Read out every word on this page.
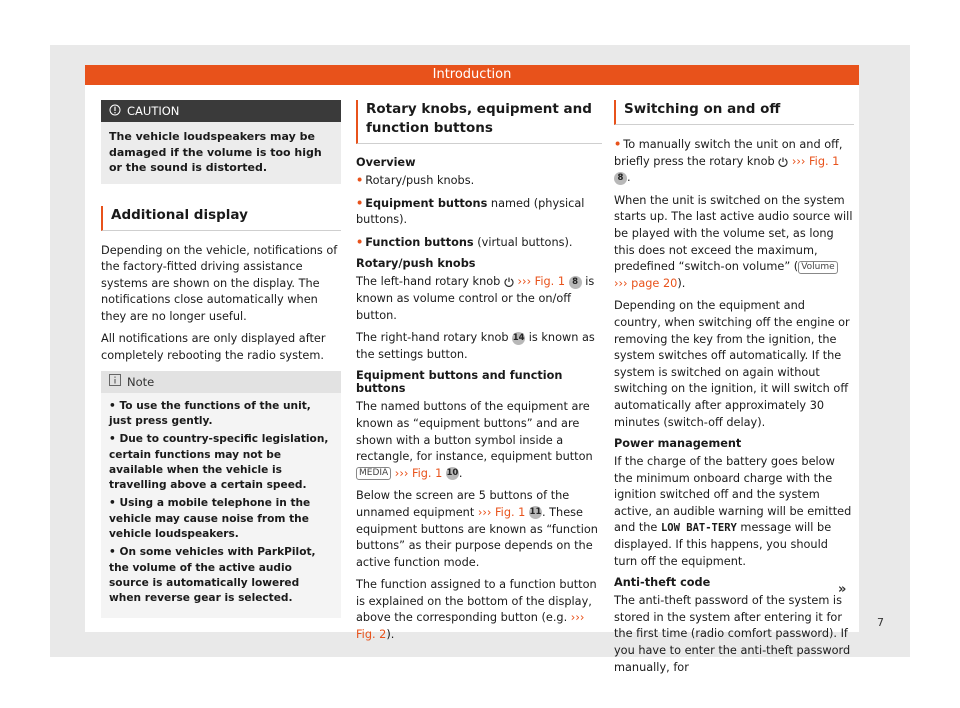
Introduction
CAUTION
The vehicle loudspeakers may be damaged if the volume is too high or the sound is distorted.
Additional display

Depending on the vehicle, notifications of the factory-fitted driving assistance systems are shown on the display. The notifications close automatically when they are no longer useful.

All notifications are only displayed after completely rebooting the radio system.

Note
• To use the functions of the unit, just press gently.
• Due to country-specific legislation, certain functions may not be available when the vehicle is travelling above a certain speed.
• Using a mobile telephone in the vehicle may cause noise from the vehicle loudspeakers.
• On some vehicles with ParkPilot, the volume of the active audio source is automatically lowered when reverse gear is selected.
Rotary knobs, equipment and function buttons
Overview

• Rotary/push knobs.

• Equipment buttons named (physical buttons).

• Function buttons (virtual buttons).

Rotary/push knobs

The left-hand rotary knob  ››› Fig. 1 8 is known as volume control or the on/off button.

The right-hand rotary knob 14 is known as the settings button.

Equipment buttons and function buttons

The named buttons of the equipment are known as “equipment buttons” and are shown with a button symbol inside a rectangle, for instance, equipment button MEDIA ››› Fig. 1 10.

Below the screen are 5 buttons of the unnamed equipment ››› Fig. 1 11. These equipment buttons are known as “function buttons” as their purpose depends on the active function mode.

The function assigned to a function button is explained on the bottom of the display, above the corresponding button (e.g. ››› Fig. 2).

Switching on and off

• To manually switch the unit on and off, briefly press the rotary knob  ››› Fig. 1 8 .

When the unit is switched on the system starts up. The last active audio source will be played with the volume set, as long this does not exceed the maximum, predefined “switch-on volume” ( Volume ››› page 20).

Depending on the equipment and country, when switching off the engine or removing the key from the ignition, the system switches off automatically. If the system is switched on again without switching on the ignition, it will switch off automatically after approximately 30 minutes (switch-off delay).

Power management

If the charge of the battery goes below the minimum onboard charge with the ignition switched off and the system active, an audible warning will be emitted and the LOW BAT-TERY message will be displayed. If this happens, you should turn off the equipment.

Anti-theft code

The anti-theft password of the system is stored in the system after entering it for the first time (radio comfort password). If you have to enter the anti-theft password manually, for

»
7
